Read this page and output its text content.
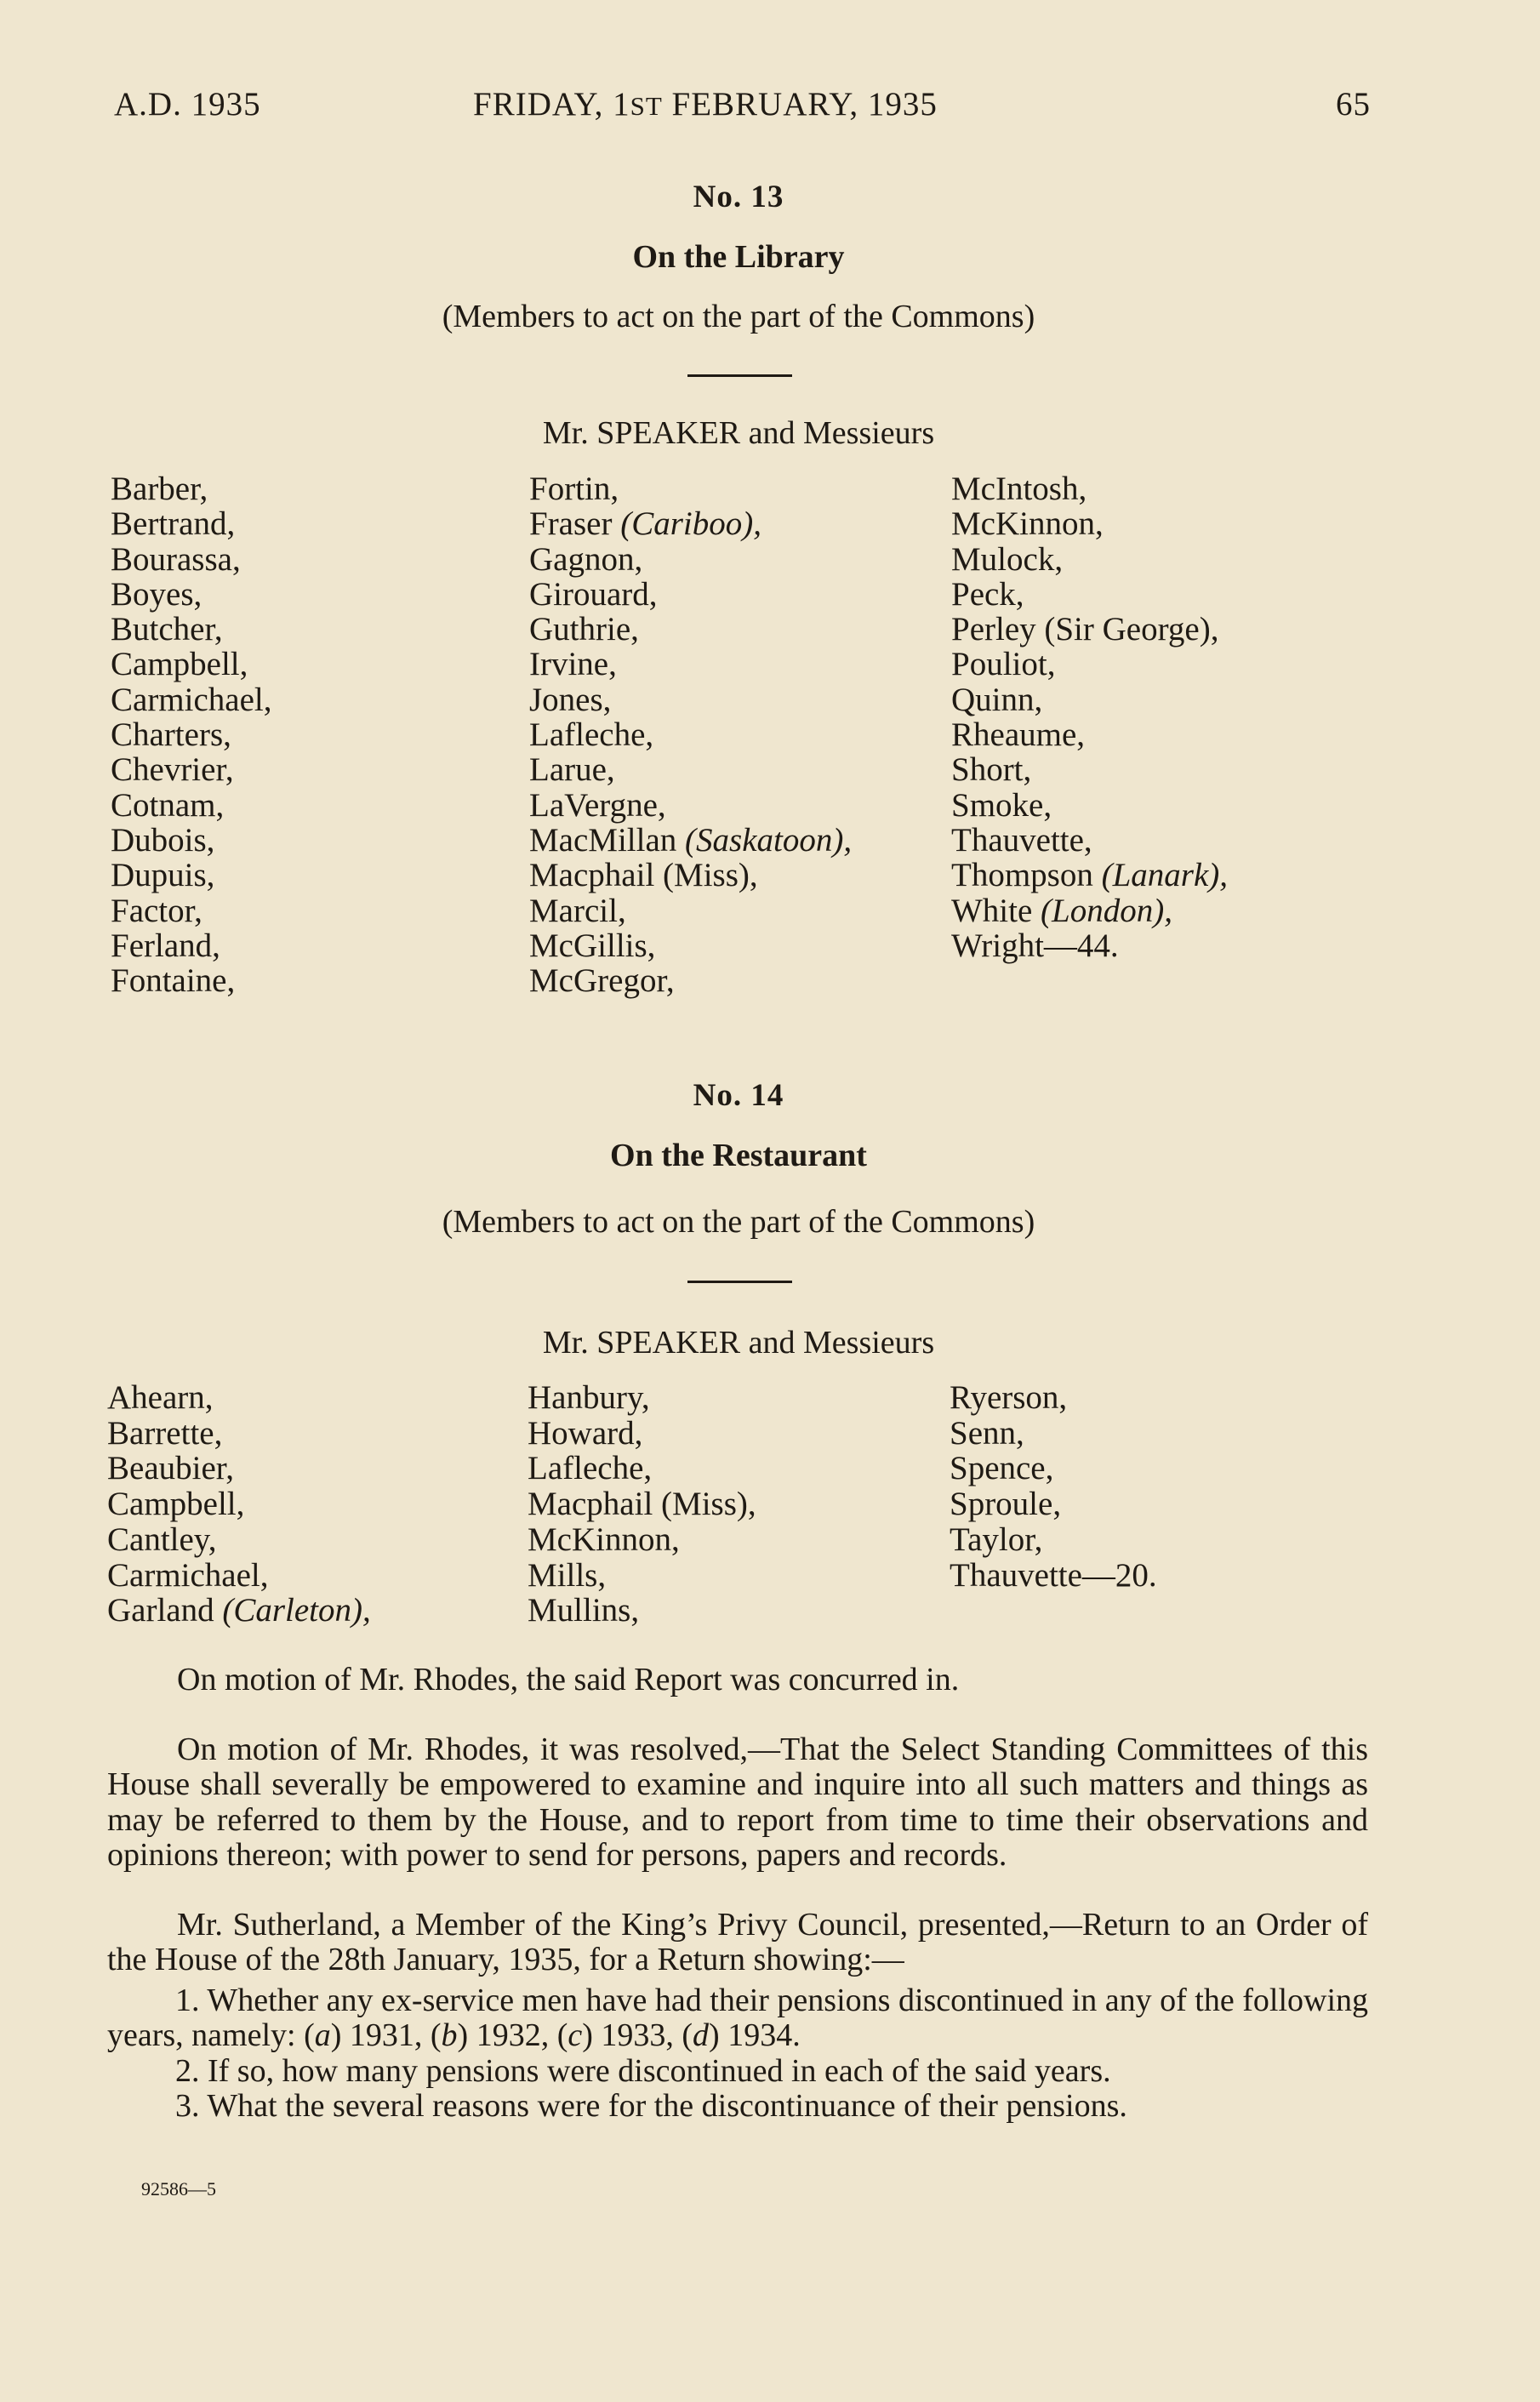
A.D. 1935	FRIDAY, 1ST FEBRUARY, 1935	65
No. 13
On the Library
(Members to act on the part of the Commons)
Mr. SPEAKER and Messieurs
Barber,
Bertrand,
Bourassa,
Boyes,
Butcher,
Campbell,
Carmichael,
Charters,
Chevrier,
Cotnam,
Dubois,
Dupuis,
Factor,
Ferland,
Fontaine,
Fortin,
Fraser (Cariboo),
Gagnon,
Girouard,
Guthrie,
Irvine,
Jones,
Lafleche,
Larue,
LaVergne,
MacMillan (Saskatoon),
Macphail (Miss),
Marcil,
McGillis,
McGregor,
McIntosh,
McKinnon,
Mulock,
Peck,
Perley (Sir George),
Pouliot,
Quinn,
Rheaume,
Short,
Smoke,
Thauvette,
Thompson (Lanark),
White (London),
Wright—44.
No. 14
On the Restaurant
(Members to act on the part of the Commons)
Mr. SPEAKER and Messieurs
Ahearn,
Barrette,
Beaubier,
Campbell,
Cantley,
Carmichael,
Garland (Carleton),
Hanbury,
Howard,
Lafleche,
Macphail (Miss),
McKinnon,
Mills,
Mullins,
Ryerson,
Senn,
Spence,
Sproule,
Taylor,
Thauvette—20.

On motion of Mr. Rhodes, the said Report was concurred in.

On motion of Mr. Rhodes, it was resolved,—That the Select Standing Committees of this House shall severally be empowered to examine and inquire into all such matters and things as may be referred to them by the House, and to report from time to time their observations and opinions thereon; with power to send for persons, papers and records.

Mr. Sutherland, a Member of the King’s Privy Council, presented,—Return to an Order of the House of the 28th January, 1935, for a Return showing:—

1. Whether any ex-service men have had their pensions discontinued in any of the following years, namely: (a) 1931, (b) 1932, (c) 1933, (d) 1934.

2. If so, how many pensions were discontinued in each of the said years.

3. What the several reasons were for the discontinuance of their pensions.

92586—5
